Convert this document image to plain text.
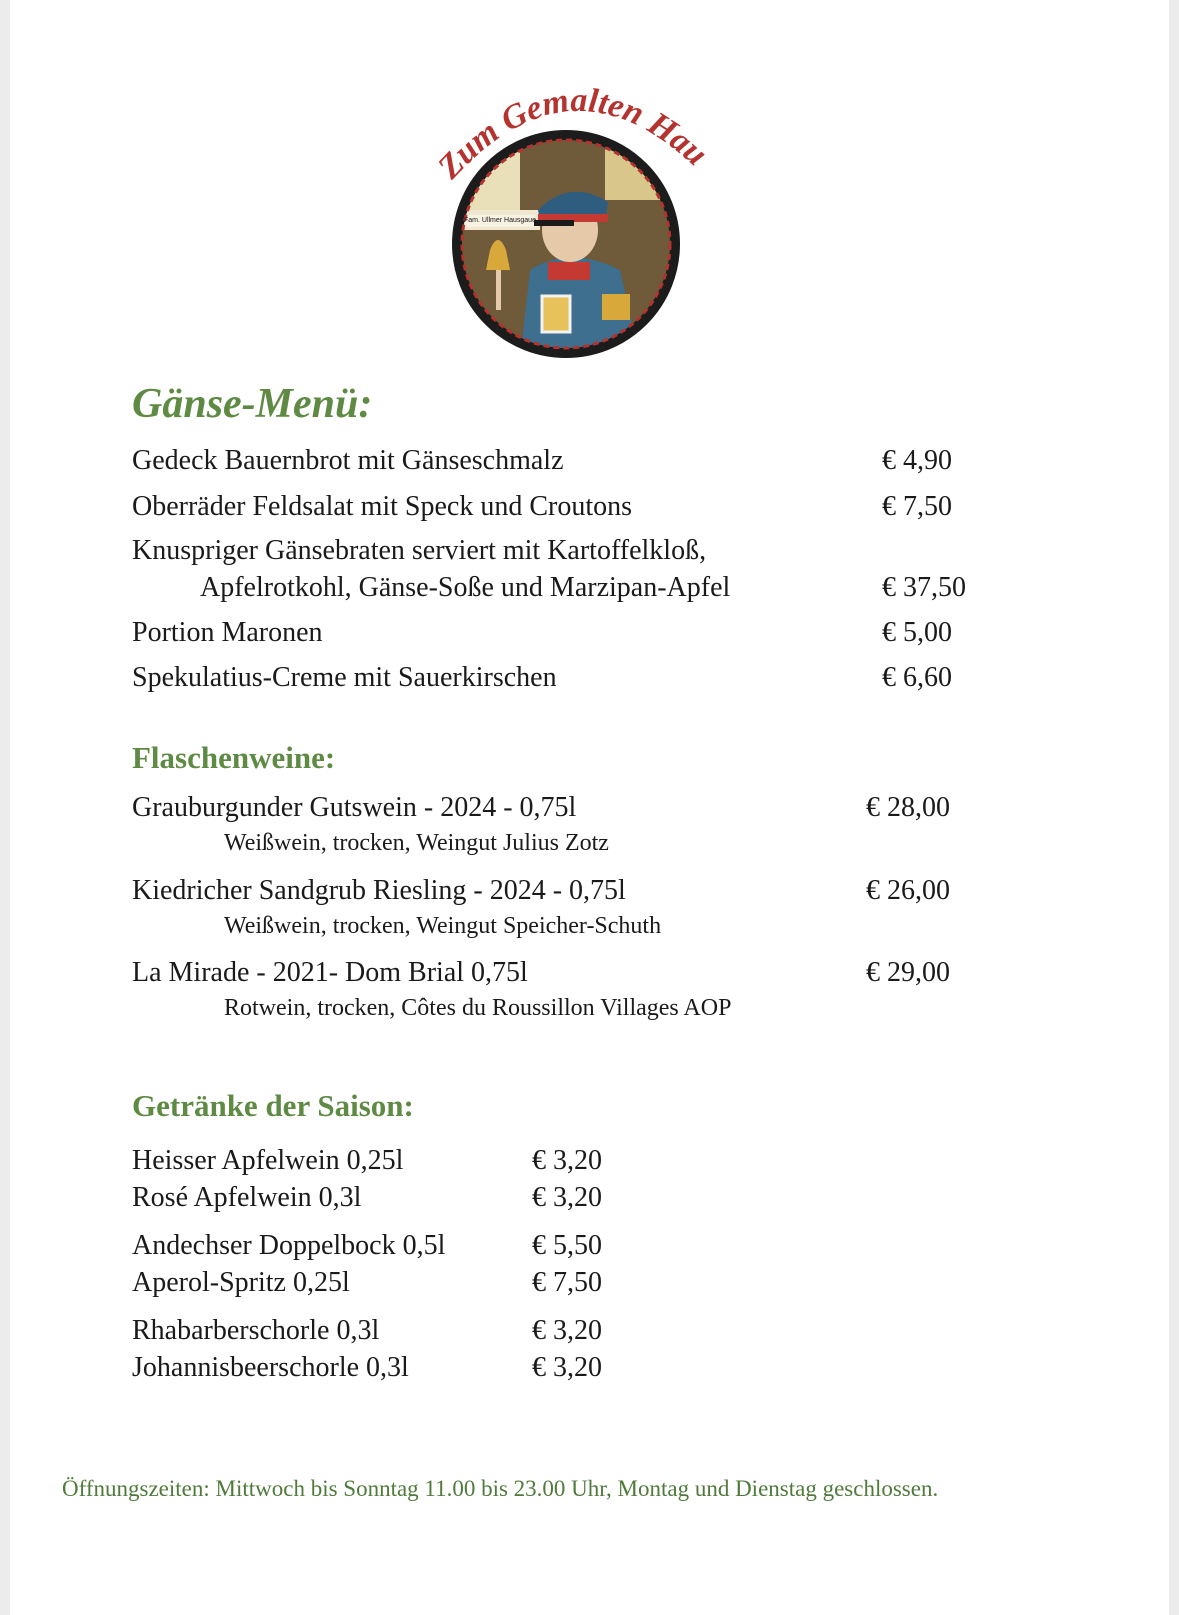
Zum Gemalten Hau
Fam. Ullmer Hausgaue
Gänse-Menü:
Gedeck Bauernbrot mit Gänseschmalz	€ 4,90
Oberräder Feldsalat mit Speck und Croutons	€ 7,50
Knuspriger Gänsebraten serviert mit Kartoffelkloß,
Apfelrotkohl, Gänse-Soße und Marzipan-Apfel	€ 37,50
Portion Maronen	€ 5,00
Spekulatius-Creme mit Sauerkirschen	€ 6,60
Flaschenweine:
Grauburgunder Gutswein - 2024 - 0,75l	€ 28,00
Weißwein, trocken, Weingut Julius Zotz
Kiedricher Sandgrub Riesling - 2024 - 0,75l	€ 26,00
Weißwein, trocken, Weingut Speicher-Schuth
La Mirade - 2021- Dom Brial 0,75l	€ 29,00
Rotwein, trocken, Côtes du Roussillon Villages AOP
Getränke der Saison:
Heisser Apfelwein 0,25l	€ 3,20
Rosé Apfelwein 0,3l	€ 3,20
Andechser Doppelbock 0,5l	€ 5,50
Aperol-Spritz 0,25l	€ 7,50
Rhabarberschorle 0,3l	€ 3,20
Johannisbeerschorle 0,3l	€ 3,20
Öffnungszeiten: Mittwoch bis Sonntag 11.00 bis 23.00 Uhr, Montag und Dienstag geschlossen.
